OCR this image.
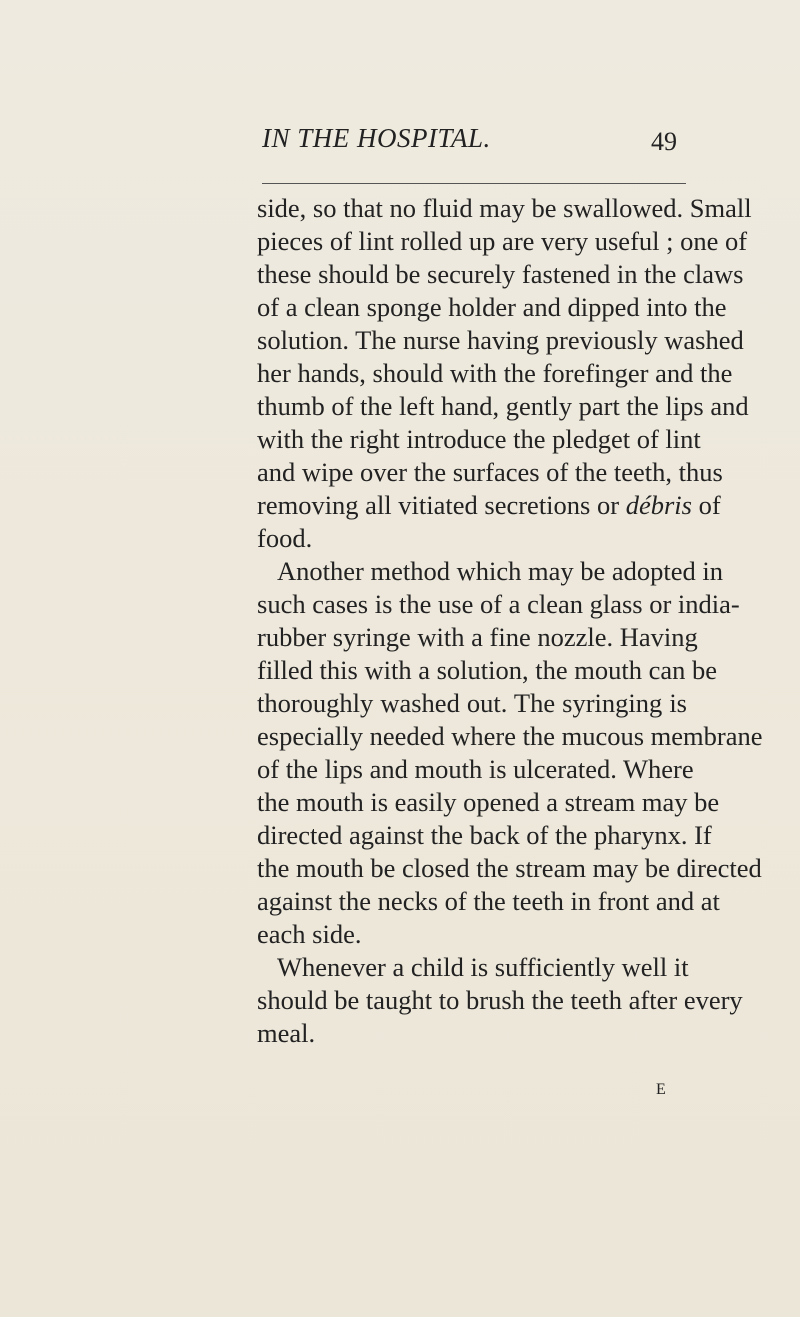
IN THE HOSPITAL.	49
side, so that no fluid may be swallowed. Small
pieces of lint rolled up are very useful ; one of
these should be securely fastened in the claws
of a clean sponge holder and dipped into the
solution. The nurse having previously washed
her hands, should with the forefinger and the
thumb of the left hand, gently part the lips and
with the right introduce the pledget of lint
and wipe over the surfaces of the teeth, thus
removing all vitiated secretions or débris of
food.
Another method which may be adopted in
such cases is the use of a clean glass or india-
rubber syringe with a fine nozzle. Having
filled this with a solution, the mouth can be
thoroughly washed out. The syringing is
especially needed where the mucous membrane
of the lips and mouth is ulcerated. Where
the mouth is easily opened a stream may be
directed against the back of the pharynx. If
the mouth be closed the stream may be directed
against the necks of the teeth in front and at
each side.
Whenever a child is sufficiently well it
should be taught to brush the teeth after every
meal.
E
